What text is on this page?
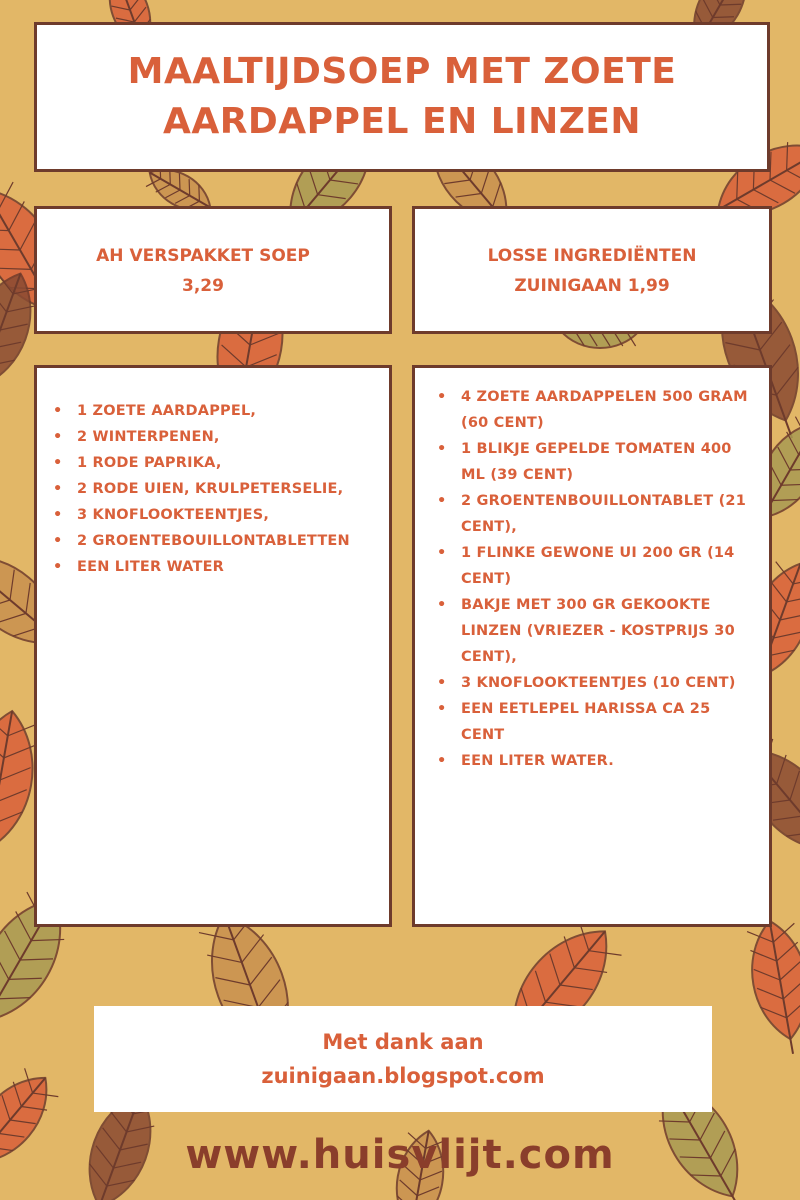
MAALTIJDSOEP MET ZOETE
AARDAPPEL EN LINZEN
AH VERSPAKKET SOEP
3,29
LOSSE INGREDIËNTEN
ZUINIGAAN 1,99
• 1 ZOETE AARDAPPEL,
• 2 WINTERPENEN,
• 1 RODE PAPRIKA,
• 2 RODE UIEN, KRULPETERSELIE,
• 3 KNOFLOOKTEENTJES,
• 2 GROENTEBOUILLONTABLETTEN
• EEN LITER WATER
• 4 ZOETE AARDAPPELEN 500 GRAM (60 CENT)
• 1 BLIKJE GEPELDE TOMATEN 400 ML (39 CENT)
• 2 GROENTENBOUILLONTABLET (21 CENT),
• 1 FLINKE GEWONE UI 200 GR (14 CENT)
• BAKJE MET 300 GR GEKOOKTE LINZEN (VRIEZER - KOSTPRIJS 30 CENT),
• 3 KNOFLOOKTEENTJES (10 CENT)
• EEN EETLEPEL HARISSA CA 25 CENT
• EEN LITER WATER.
Met dank aan
zuinigaan.blogspot.com
www.huisvlijt.com
